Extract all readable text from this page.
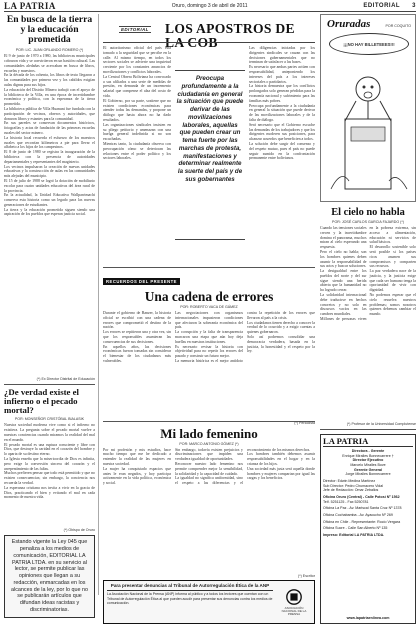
LA PATRIA	Oruro, domingo 3 de abril de 2011	EDITORIAL 3
En busca de la tierra y la educación prometida
POR: LIC. JUAN ORLANDO ROMERO (*)
El 9 de junio de 1970 a 1980, las bibliotecas municipales cobraron vida y se convirtieron en un bastión cultural. Las comunidades aledañas se acercaban en busca de libros, escuelas y maestros.
En la década de los ochenta, los libros de texto llegaron a las comunidades por primera vez y los cabildos exigían aulas dignas para sus hijos.
La educación del Distrito Minero trabajó con el apoyo de la biblioteca de la Villa, en una época de incertidumbre económica y política, con la esperanza de la tierra prometida.
La biblioteca pública de Villa Huanuni fue fundada con la participación de vecinos, obreros y autoridades, que donaron libros y estantes para la comunidad.
En sus paredes se conservan documentos históricos, fotografías y actas de fundación de las primeras escuelas rurales del sector minero.
La historia local recuerda el esfuerzo de los maestros rurales que recorrían kilómetros a pie para llevar el alfabeto a los hijos de los campesinos.
El 8 de junio de 1980 se registra la inauguración de la biblioteca con la presencia de autoridades departamentales y representantes del magisterio.
Los vecinos impulsaron la creación de nuevas unidades educativas y la construcción de aulas en las comunidades más alejadas del municipio.
El 15 de julio de 1988 se logró la dotación de mobiliario escolar para cuatro unidades educativas del área rural de la provincia.
En la actualidad, la Unidad Educativa Wallparrimachi conserva esta historia como un legado para las nuevas generaciones de estudiantes.
La tierra y la educación prometida siguen siendo una aspiración de los pueblos que esperan justicia social.
(*) Ex Director Distrital de Educación
¿De verdad existe el infierno o el pecado mortal?
POR: MONSEÑOR CRISTÓBAL BIALASIK
Nuestra sociedad moderna vive como si el infierno no existiera. La pregunta sobre el pecado mortal vuelve a nuestras conciencias cuando miramos la realidad del mal en el mundo.
El pecado mortal es una ruptura consciente y libre con Dios, que destruye la caridad en el corazón del hombre y lo aparta de su destino eterno.
La Iglesia enseña que la misericordia de Dios es infinita, pero exige la conversión sincera del corazón y el arrepentimiento de las faltas.
Muchos prefieren pensar que todo está permitido y que no existen consecuencias; sin embargo, la conciencia nos recuerda la verdad.
La esperanza cristiana nos invita a vivir en la gracia de Dios, practicando el bien y evitando el mal en cada momento de nuestra vida.
(*) Obispo de Oruro
Estando vigente la Ley 045 que penaliza a los medios de comunicación, EDITORIAL LA PATRIA LTDA. en su servicio al lector, se permite publicar las opiniones que llegan a su redacción, enmarcadas en los alcances de la ley, por lo que no se publicarán artículos que difundan ideas racistas y discriminatorias.
EDITORIAL LOS APOSTROS DE LA COB
El autoritarismo oficial del país está tomado a la seguridad que se percibe en la calle. Al mismo tiempo, en todos los sectores sociales se advierte una inquietud creciente por los constantes anuncios de movilizaciones y conflictos laborales.
La Central Obrera Boliviana ha convocado a sus afiliados a una serie de medidas de presión, en demanda de un incremento salarial que compense el alza del costo de vida.
El Gobierno, por su parte, sostiene que no existen condiciones económicas para atender todas las demandas, y propone un diálogo que hasta ahora no ha dado resultados.
Las organizaciones sindicales insisten en su pliego petitorio y amenazan con una huelga general indefinida si no son escuchadas.
Mientras tanto, la ciudadanía observa con preocupación cómo se deterioran las relaciones entre el poder político y los sectores laborales.
Preocupa profundamente a la ciudadanía en general la situación que puede derivar de las movilizaciones laborales, aquellas que pueden crear un tema fuerte por las marchas de protesta, manifestaciones y determinar realmente la suerte del país y de sus gobernantes
Las diligencias iniciadas por los dirigentes sindicales se cruzan con las decisiones gubernamentales que no terminan de satisfacer a las bases.
Es necesario que ambas partes actúen con responsabilidad, anteponiendo los intereses del país a los intereses sectoriales o partidarios.
La historia demuestra que los conflictos prolongados solo generan pérdidas para la economía nacional y sufrimiento para las familias más pobres.
Preocupa profundamente a la ciudadanía en general la situación que puede derivar de las movilizaciones laborales y de la falta de diálogo.
Será necesario que el Gobierno escuche las demandas de los trabajadores y que los dirigentes moderen sus posiciones, para alcanzar acuerdos que beneficien a todos.
La solución debe surgir del consenso y del respeto mutuo, pues el país no puede seguir sumido en la confrontación permanente entre bolivianos.
RECUERDOS DEL PRESENTE
Una cadena de errores
POR: ROBERTO VACA DE GÁMEZ
Durante el gobierno de Banzer, la historia oficial se escribió con una cadena de errores que comprometió el destino de la nación.
Los errores se repitieron una y otra vez, sin que los responsables asumieran las consecuencias de sus decisiones.
En aquellos años, las decisiones económicas fueron tomadas sin considerar el bienestar de los ciudadanos más vulnerables.
Las negociaciones con organismos internacionales impusieron condiciones que afectaron la soberanía económica del país.
La corrupción y la falta de transparencia marcaron una etapa que aún hoy deja huellas en nuestras instituciones.
Es necesario revisar la historia con objetividad para no repetir los errores del pasado y construir un futuro mejor.
La memoria histórica es el mejor antídoto contra la repetición de los errores que llevaron al país a la crisis.
Los ciudadanos tienen derecho a conocer la verdad de lo ocurrido y a exigir cuentas a quienes gobernaron.
Solo así podremos consolidar una democracia verdadera, basada en la justicia, la honestidad y el respeto por la ley.
(*) Periodista
Mi lado femenino
POR: MARCO ANTONIO GÓMEZ (*)
Por mi profesión y mis estudios, hace mucho tiempo que me he dedicado a entender la realidad de las mujeres en nuestra sociedad.
La mujer ha conquistado espacios que antes le eran negados, y hoy participa activamente en la vida política, económica y social.
Sin embargo, todavía existen prejuicios y discriminaciones que impiden una verdadera igualdad de oportunidades.
Reconocer nuestro lado femenino nos permite comprender mejor la sensibilidad, la solidaridad y la capacidad de cuidado.
La igualdad no significa uniformidad, sino el respeto a las diferencias y el reconocimiento de los mismos derechos.
Los hombres también debemos asumir responsabilidades en el hogar y en la crianza de los hijos.
Una sociedad más justa será aquella donde hombres y mujeres compartan por igual las cargas y los beneficios.
(*) Escritor
Para presentar denuncias al Tribunal de Autorregulación Ética de la ANP
La Asociación Nacional de la Prensa (ANP) informa al público y a todos los lectores que cuentan con un Tribunal de Autorregulación Ética al que pueden acudir para presentar sus denuncias contra los medios de comunicación.
ASOCIACIÓN NACIONAL DE LA PRENSA
Oruradas	POR COQUITO
¡¡¡NO HAY BILLETEEES!!!
El cielo no habla
POR: JOSÉ CARLOS GARCIA FAJARDO (*)
Cuando las tensiones sociales crecen y la incertidumbre domina el panorama, muchos miran al cielo esperando una respuesta.
Pero el cielo no habla; son los hombres quienes deben asumir la responsabilidad de sus actos y buscar soluciones.
La desigualdad entre los pueblos del norte y del sur sigue siendo una herida abierta que la humanidad no ha logrado cerrar.
La solidaridad internacional debe traducirse en hechos concretos y no solo en discursos vacíos en las cumbres mundiales.
Millones de personas viven en la pobreza extrema, sin acceso a alimentación, educación ni servicios de salud básicos.
El desarrollo sostenible solo será posible si los países ricos asumen sus compromisos y comparten sus recursos.
La paz verdadera nace de la justicia, y la justicia exige que cada ser humano tenga la oportunidad de vivir con dignidad.
No podemos esperar que el cielo resuelva nuestros problemas; somos nosotros quienes debemos cambiar el mundo.
(*) Profesor de la Universidad Complutense
LA PATRIA
Directora - Gerente
Enrique Miralles Bonnecarrere †
Director Ejecutivo
Marcelo Miralles Bove
Gerente General
Jorge Miralles Bonnecarrere
Director: Edwin Medina Martínez
Sub Director: Pedro Chumacero Vidal
Jefe de Redacción: Omar Zeballos
Oficina Oruro (Central) - Calle Potosí Nº 1562
Telf. 5251125 - Fax 5250781
Oficina La Paz - Av. Mariscal Santa Cruz Nº 1378
Oficina Cochabamba - Av. Ayacucho Nº 269
Oficina en Chile - Representante: Rocío Vergara
Oficina Sucre - Calle San Alberto Nº 135
Impreso: Editorial LA PATRIA LTDA.
www.lapatriaenlinea.com
